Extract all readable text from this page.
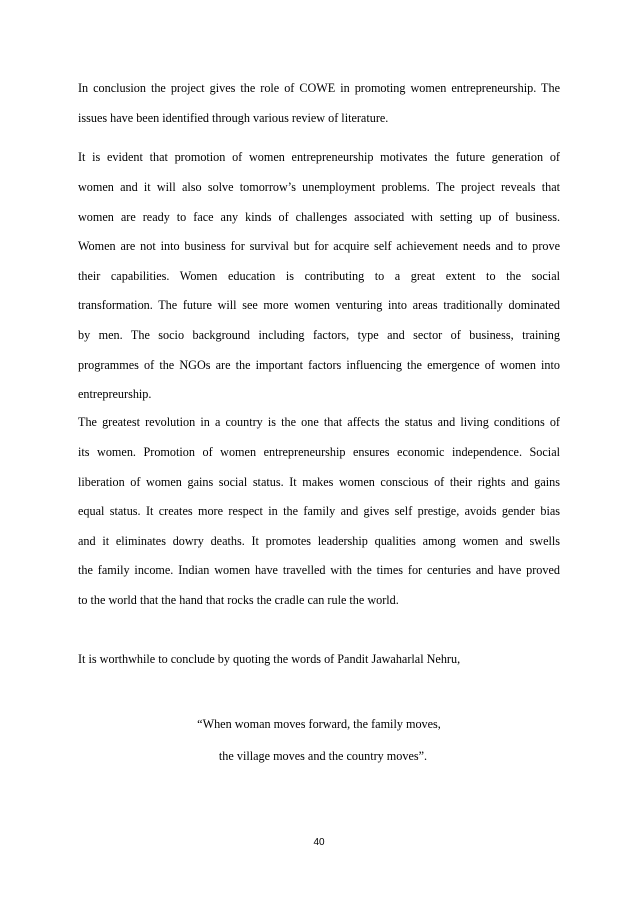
In conclusion the project gives the role of COWE in promoting women entrepreneurship. The
issues have been identified through various review of literature.
It is evident that promotion of women entrepreneurship motivates the future generation of
women and it will also solve tomorrow’s unemployment problems. The project reveals that
women are ready to face any kinds of challenges associated with setting up of business.
Women are not into business for survival but for acquire self achievement needs and to prove
their capabilities. Women education is contributing to a great extent to the social
transformation. The future will see more women venturing into areas traditionally dominated
by men. The socio background including factors, type and sector of business, training
programmes of the NGOs are the important factors influencing the emergence of women into
entrepreurship.
The greatest revolution in a country is the one that affects the status and living conditions of
its women. Promotion of women entrepreneurship ensures economic independence. Social
liberation of women gains social status. It makes women conscious of their rights and gains
equal status. It creates more respect in the family and gives self prestige, avoids gender bias
and it eliminates dowry deaths. It promotes leadership qualities among women and swells
the family income. Indian women have travelled with the times for centuries and have proved
to the world that the hand that rocks the cradle can rule the world.
It is worthwhile to conclude by quoting the words of Pandit Jawaharlal Nehru,
“When woman moves forward, the family moves,
the village moves and the country moves”.
40
